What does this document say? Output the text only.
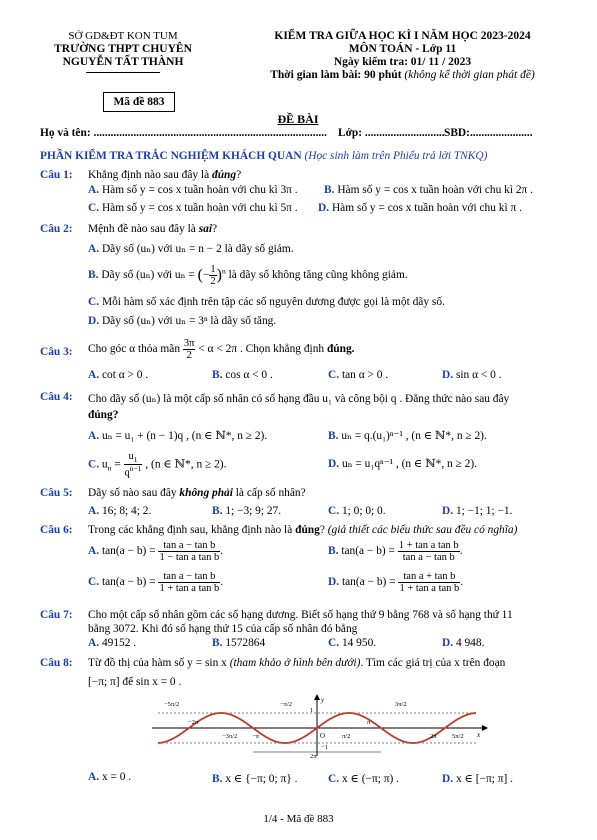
SỞ GD&ĐT KON TUM
TRƯỜNG THPT CHUYÊN
NGUYỄN TẤT THÀNH
Mã đề 883
KIỂM TRA GIỮA HỌC KÌ I NĂM HỌC 2023-2024
MÔN TOÁN - Lớp 11
Ngày kiểm tra: 01/ 11 / 2023
Thời gian làm bài: 90 phút (không kể thời gian phát đề)
ĐỀ BÀI
Họ và tên: .................................................................................. Lớp: ............................ SBD:......................
PHẦN KIỂM TRA TRẮC NGHIỆM KHÁCH QUAN (Học sinh làm trên Phiếu trả lời TNKQ)
Câu 1: Khẳng định nào sau đây là đúng?
A. Hàm số y = cos x tuần hoàn với chu kì 3π . B. Hàm số y = cos x tuần hoàn với chu kì 2π .
C. Hàm số y = cos x tuần hoàn với chu kì 5π . D. Hàm số y = cos x tuần hoàn với chu kì π .
Câu 2: Mệnh đề nào sau đây là sai?
A. Dãy số (uₙ) với uₙ = n − 2 là dãy số giảm.
B. Dãy số (uₙ) với uₙ = (− $\frac{1}{2} )^n$ là dãy số không tăng cũng không giảm.
C. Mỗi hàm số xác định trên tập các số nguyên dương được gọi là một dãy số.
D. Dãy số (uₙ) với uₙ = 3ⁿ là dãy số tăng.
Câu 3: Cho góc α thỏa mãn $\frac{3\pi}{2} < \alpha < 2\pi$ . Chọn khẳng định đúng.
A. cot α > 0 .	B. cos α < 0 .	C. tan α > 0 .	D. sin α < 0 .
Câu 4: Cho dãy số (uₙ) là một cấp số nhân có số hạng đầu u₁ và công bội q . Đẳng thức nào sau đây
đúng?
A. uₙ = u₁ + (n − 1)q , (n ∈ ℕ*, n ≥ 2).	B. uₙ = q.(u₁)ⁿ⁻¹ , (n ∈ ℕ*, n ≥ 2).
C. $u_n = \frac{u_1}{q^{n-1}}$ , (n ∈ ℕ*, n ≥ 2).	D. uₙ = u₁qⁿ⁻¹ , (n ∈ ℕ*, n ≥ 2).
Câu 5: Dãy số nào sau đây không phải là cấp số nhân?
A. 16; 8; 4; 2.	B. 1; −3; 9; 27.	C. 1; 0; 0; 0.	D. 1; −1; 1; −1.
Câu 6: Trong các khẳng định sau, khẳng định nào là đúng? (giả thiết các biểu thức sau đều có nghĩa)
A. $\tan(a - b) = \frac{\text{tan a − tan b}}{\text{1 − tan a tan b}}$ .	B. $\tan(a - b) = \frac{\text{1 + tan a tan b}}{\text{tan a − tan b}}$ .
C. $\tan(a - b) = \frac{\text{tan a − tan b}}{\text{1 + tan a tan b}}$ .	D. $\tan(a - b) = \frac{\text{tan a + tan b}}{\text{1 + tan a tan b}}$ .
Câu 7: Cho một cấp số nhân gồm các số hạng dương. Biết số hạng thứ 9 bằng 768 và số hạng thứ 11
bằng 3072. Khi đó số hạng thứ 15 của cấp số nhân đó bằng
A. 49152 .	B. 1572864	C. 14 950.	D. 4 948.
Câu 8: Từ đồ thị của hàm số y = sin x (tham khảo ở hình bên dưới). Tìm các giá trị của x trên đoạn
[−π; π] để sin x = 0 .
−5π/2
−2π
−3π/2 −π
−π/2
O	π/2
π
3π/2
2π 5π/2 x
y
1
−1
2π
A. x = 0 .	B. x ∈ {−π; 0; π} .	C. x ∈ (−π; π) .	D. x ∈ [−π; π] .
1/4 - Mã đề 883
